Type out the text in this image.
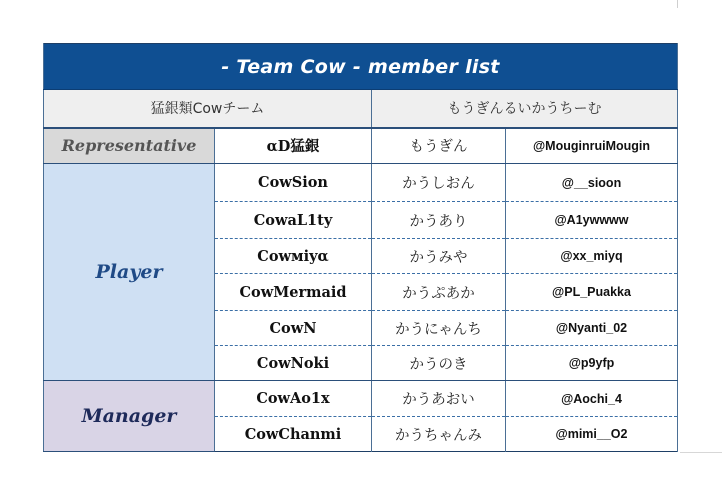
- Team Cow - member list			
猛銀類Cowチーム		もうぎんるいかうちーむ	
Representative	αD猛銀	もうぎん	@MouginruiMougin
Player	CowSion	かうしおん	@__sioon
	CowaL1ty	かうあり	@A1ywwww
	Cowмiyα	かうみや	@xx_miyq
	CowMermaid	かうぷあか	@PL_Puakka
	CowN	かうにゃんち	@Nyanti_02
	CowNoki	かうのき	@p9yfp
Manager	CowAo1x	かうあおい	@Aochi_4
	CowChanmi	かうちゃんみ	@mimi__O2
